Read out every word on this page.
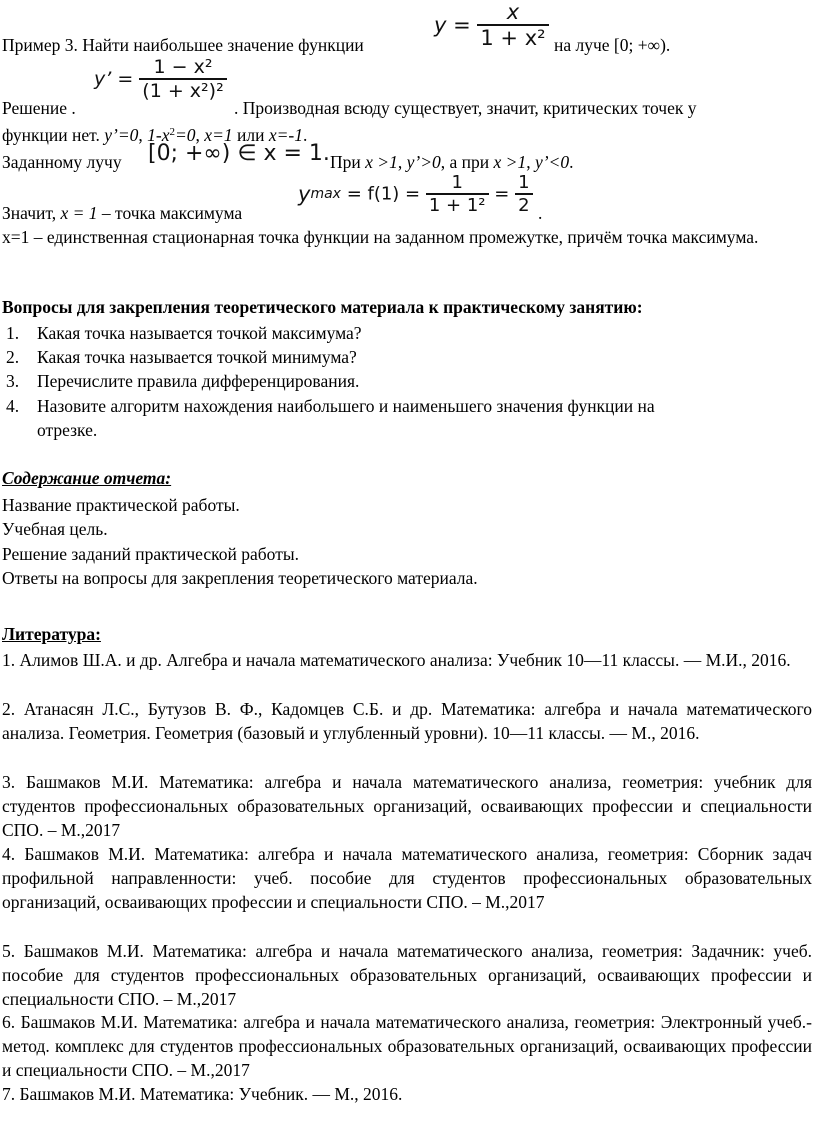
Пример 3. Найти наибольшее значение функции
$y = \frac{x}{\text{1 + x²}}$ на луче [0; +∞).
y’ = $\frac{\text{1 − x²}}{\text{(1 + x²)²}}$
Решение .	. Производная всюду существует, значит, критических точек у
функции нет. y’=0, $1-x^2=0$, x=1 или x=-1.
Заданному лучу [0; +∞) ∈ x = 1. При x >1, y’>0, а при x >1, y’<0.
Значит, x = 1 – точка максимума
$ymax = f(1) = \frac{1}{\text{1 + 1²}} = \frac{1}{2}$ .
x=1 – единственная стационарная точка функции на заданном промежутке, причём точка максимума.
Вопросы для закрепления теоретического материала к практическому занятию:
1. Какая точка называется точкой максимума?
2. Какая точка называется точкой минимума?
3. Перечислите правила дифференцирования.
4. Назовите алгоритм нахождения наибольшего и наименьшего значения функции на
отрезке.
Содержание отчета:
Название практической работы.
Учебная цель.
Решение заданий практической работы.
Ответы на вопросы для закрепления теоретического материала.
Литература:
1. Алимов Ш.А. и др. Алгебра и начала математического анализа: Учебник 10—11 классы. — М.И., 2016.
2. Атанасян Л.С., Бутузов В. Ф., Кадомцев С.Б. и др. Математика: алгебра и начала математического анализа. Геометрия. Геометрия (базовый и углубленный уровни). 10—11 классы. — М., 2016.
3. Башмаков М.И. Математика: алгебра и начала математического анализа, геометрия: учебник для студентов профессиональных образовательных организаций, осваивающих профессии и специальности СПО. – М.,2017
4. Башмаков М.И. Математика: алгебра и начала математического анализа, геометрия: Сборник задач профильной направленности: учеб. пособие для студентов профессиональных образовательных организаций, осваивающих профессии и специальности СПО. – М.,2017
5. Башмаков М.И. Математика: алгебра и начала математического анализа, геометрия: Задачник: учеб. пособие для студентов профессиональных образовательных организаций, осваивающих профессии и специальности СПО. – М.,2017
6. Башмаков М.И. Математика: алгебра и начала математического анализа, геометрия: Электронный учеб.- метод. комплекс для студентов профессиональных образовательных организаций, осваивающих профессии и специальности СПО. – М.,2017
7. Башмаков М.И. Математика: Учебник. — М., 2016.
